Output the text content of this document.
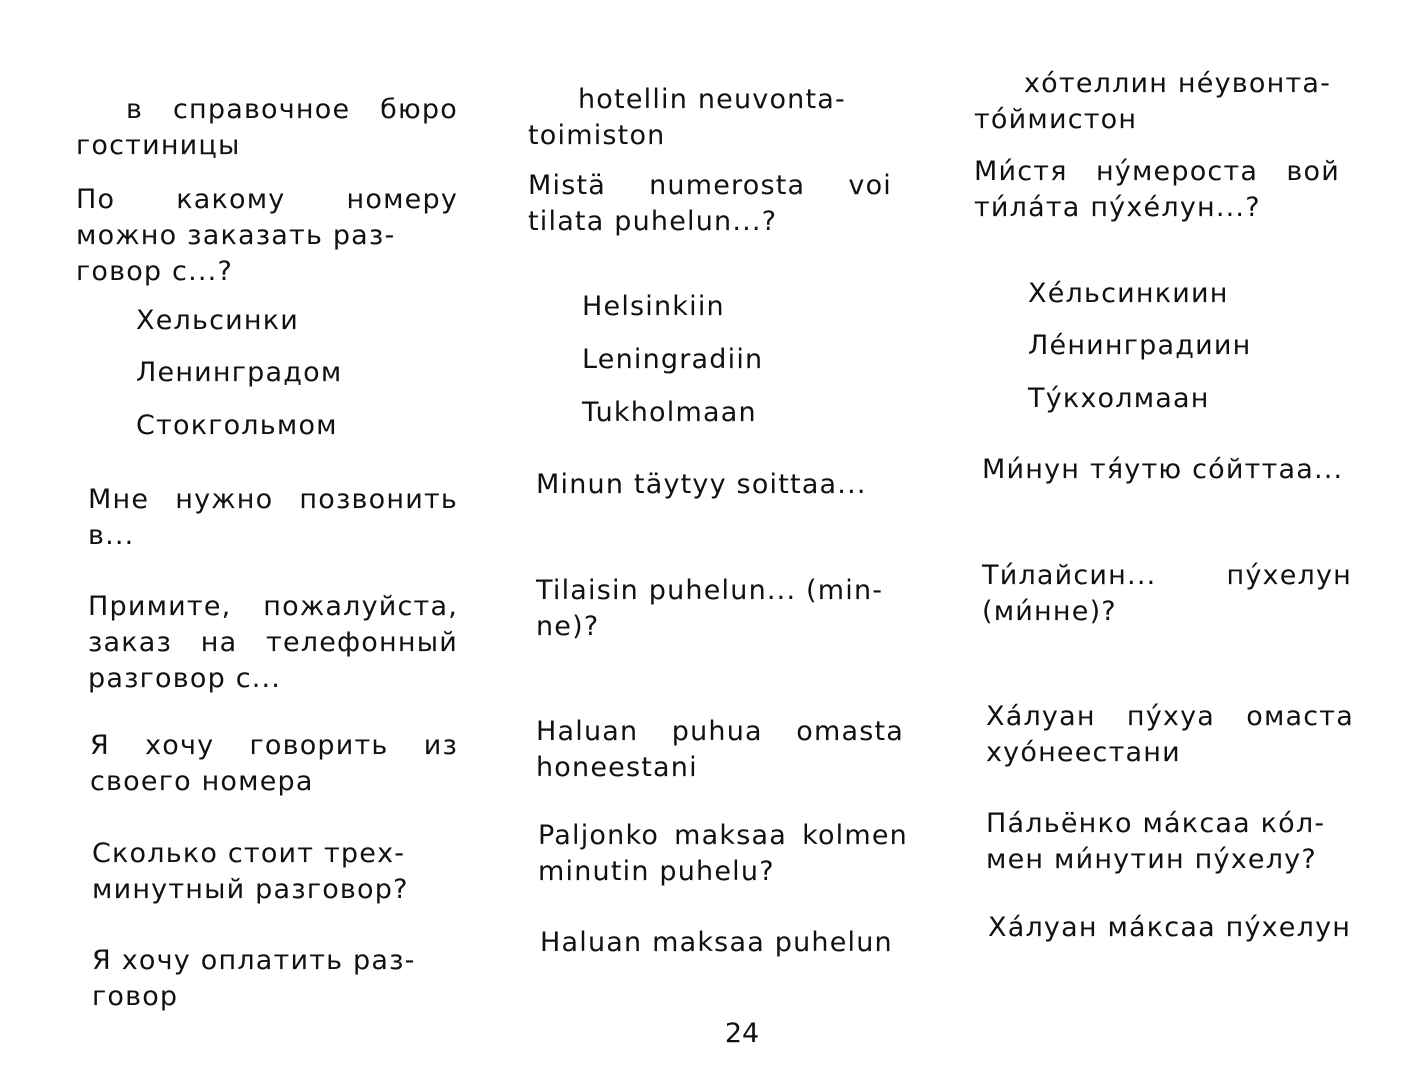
в справочное бюро гостиницы
По какому номеру можно заказать раз-
говор с...?
Хельсинки
Ленинградом
Стокгольмом
Мне нужно позвонить в...
Примите, пожалуйста, заказ на телефонный разговор с...
Я хочу говорить из своего номера
Сколько стоит трех-
минутный разговор?
Я хочу оплатить раз-
говор
hotellin neuvonta-
toimiston
Mistä numerosta voi tilata puhelun...?
Helsinkiin
Leningradiin
Tukholmaan
Minun täytyy soittaa...
Tilaisin puhelun... (min-
ne)?
Haluan puhua omasta honeestani
Paljonko maksaa kolmen minutin puhelu?
Haluan maksaa puhelun
хóтеллин нéувонта-
тóймистон
Ми́стя нýмероста вой ти́ла́та пýхéлун...?
Хéльсинкиин
Лéнинградиин
Тýкхолмаан
Ми́нун тя́утю сóйттаа...
Ти́лайсин... пýхелун (ми́нне)?
Хáлуан пýхуа омаста хуóнеестани
Пáльёнко мáксаа кóл-
мен ми́нутин пýхелу?
Хáлуан мáксаа пýхелун
24
